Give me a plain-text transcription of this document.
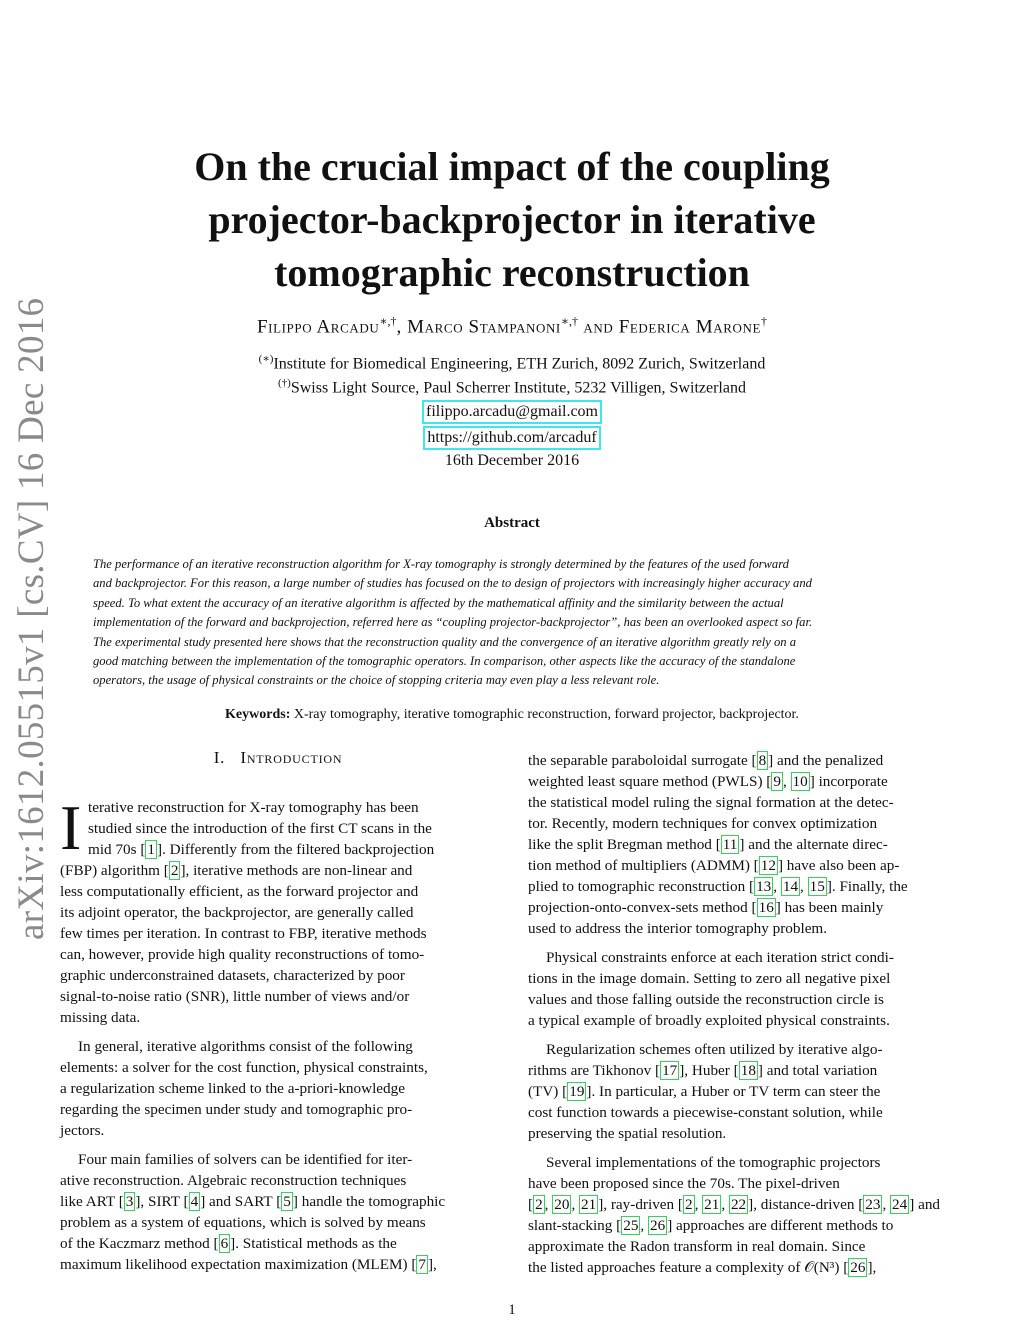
arXiv:1612.05515v1 [cs.CV] 16 Dec 2016
On the crucial impact of the coupling
projector-backprojector in iterative
tomographic reconstruction
Filippo Arcadu∗,†, Marco Stampanoni∗,† and Federica Marone†
(∗)Institute for Biomedical Engineering, ETH Zurich, 8092 Zurich, Switzerland
(†)Swiss Light Source, Paul Scherrer Institute, 5232 Villigen, Switzerland
filippo.arcadu@gmail.com
https://github.com/arcaduf
16th December 2016
Abstract
The performance of an iterative reconstruction algorithm for X-ray tomography is strongly determined by the features of the used forward
and backprojector. For this reason, a large number of studies has focused on the to design of projectors with increasingly higher accuracy and
speed. To what extent the accuracy of an iterative algorithm is affected by the mathematical affinity and the similarity between the actual
implementation of the forward and backprojection, referred here as “coupling projector-backprojector”, has been an overlooked aspect so far.
The experimental study presented here shows that the reconstruction quality and the convergence of an iterative algorithm greatly rely on a
good matching between the implementation of the tomographic operators. In comparison, other aspects like the accuracy of the standalone
operators, the usage of physical constraints or the choice of stopping criteria may even play a less relevant role.
Keywords: X-ray tomography, iterative tomographic reconstruction, forward projector, backprojector.
I. Introduction
I terative reconstruction for X-ray tomography has been
studied since the introduction of the first CT scans in the
mid 70s [ 1 ]. Differently from the filtered backprojection
(FBP) algorithm [ 2 ], iterative methods are non-linear and
less computationally efficient, as the forward projector and
its adjoint operator, the backprojector, are generally called
few times per iteration. In contrast to FBP, iterative methods
can, however, provide high quality reconstructions of tomo-
graphic underconstrained datasets, characterized by poor
signal-to-noise ratio (SNR), little number of views and/or
missing data.
In general, iterative algorithms consist of the following
elements: a solver for the cost function, physical constraints,
a regularization scheme linked to the a-priori-knowledge
regarding the specimen under study and tomographic pro-
jectors.
Four main families of solvers can be identified for iter-
ative reconstruction. Algebraic reconstruction techniques
like ART [ 3 ], SIRT [ 4 ] and SART [ 5 ] handle the tomographic
problem as a system of equations, which is solved by means
of the Kaczmarz method [ 6 ]. Statistical methods as the
maximum likelihood expectation maximization (MLEM) [ 7 ],
the separable paraboloidal surrogate [ 8 ] and the penalized
weighted least square method (PWLS) [ 9 , 10 ] incorporate
the statistical model ruling the signal formation at the detec-
tor. Recently, modern techniques for convex optimization
like the split Bregman method [ 11 ] and the alternate direc-
tion method of multipliers (ADMM) [ 12 ] have also been ap-
plied to tomographic reconstruction [ 13 , 14 , 15 ]. Finally, the
projection-onto-convex-sets method [ 16 ] has been mainly
used to address the interior tomography problem.
Physical constraints enforce at each iteration strict condi-
tions in the image domain. Setting to zero all negative pixel
values and those falling outside the reconstruction circle is
a typical example of broadly exploited physical constraints.
Regularization schemes often utilized by iterative algo-
rithms are Tikhonov [ 17 ], Huber [ 18 ] and total variation
(TV) [ 19 ]. In particular, a Huber or TV term can steer the
cost function towards a piecewise-constant solution, while
preserving the spatial resolution.
Several implementations of the tomographic projectors
have been proposed since the 70s. The pixel-driven
[ 2 , 20 , 21 ], ray-driven [ 2 , 21 , 22 ], distance-driven [ 23 , 24 ] and
slant-stacking [ 25 , 26 ] approaches are different methods to
approximate the Radon transform in real domain. Since
the listed approaches feature a complexity of 𝒪(N³) [ 26 ],
1
